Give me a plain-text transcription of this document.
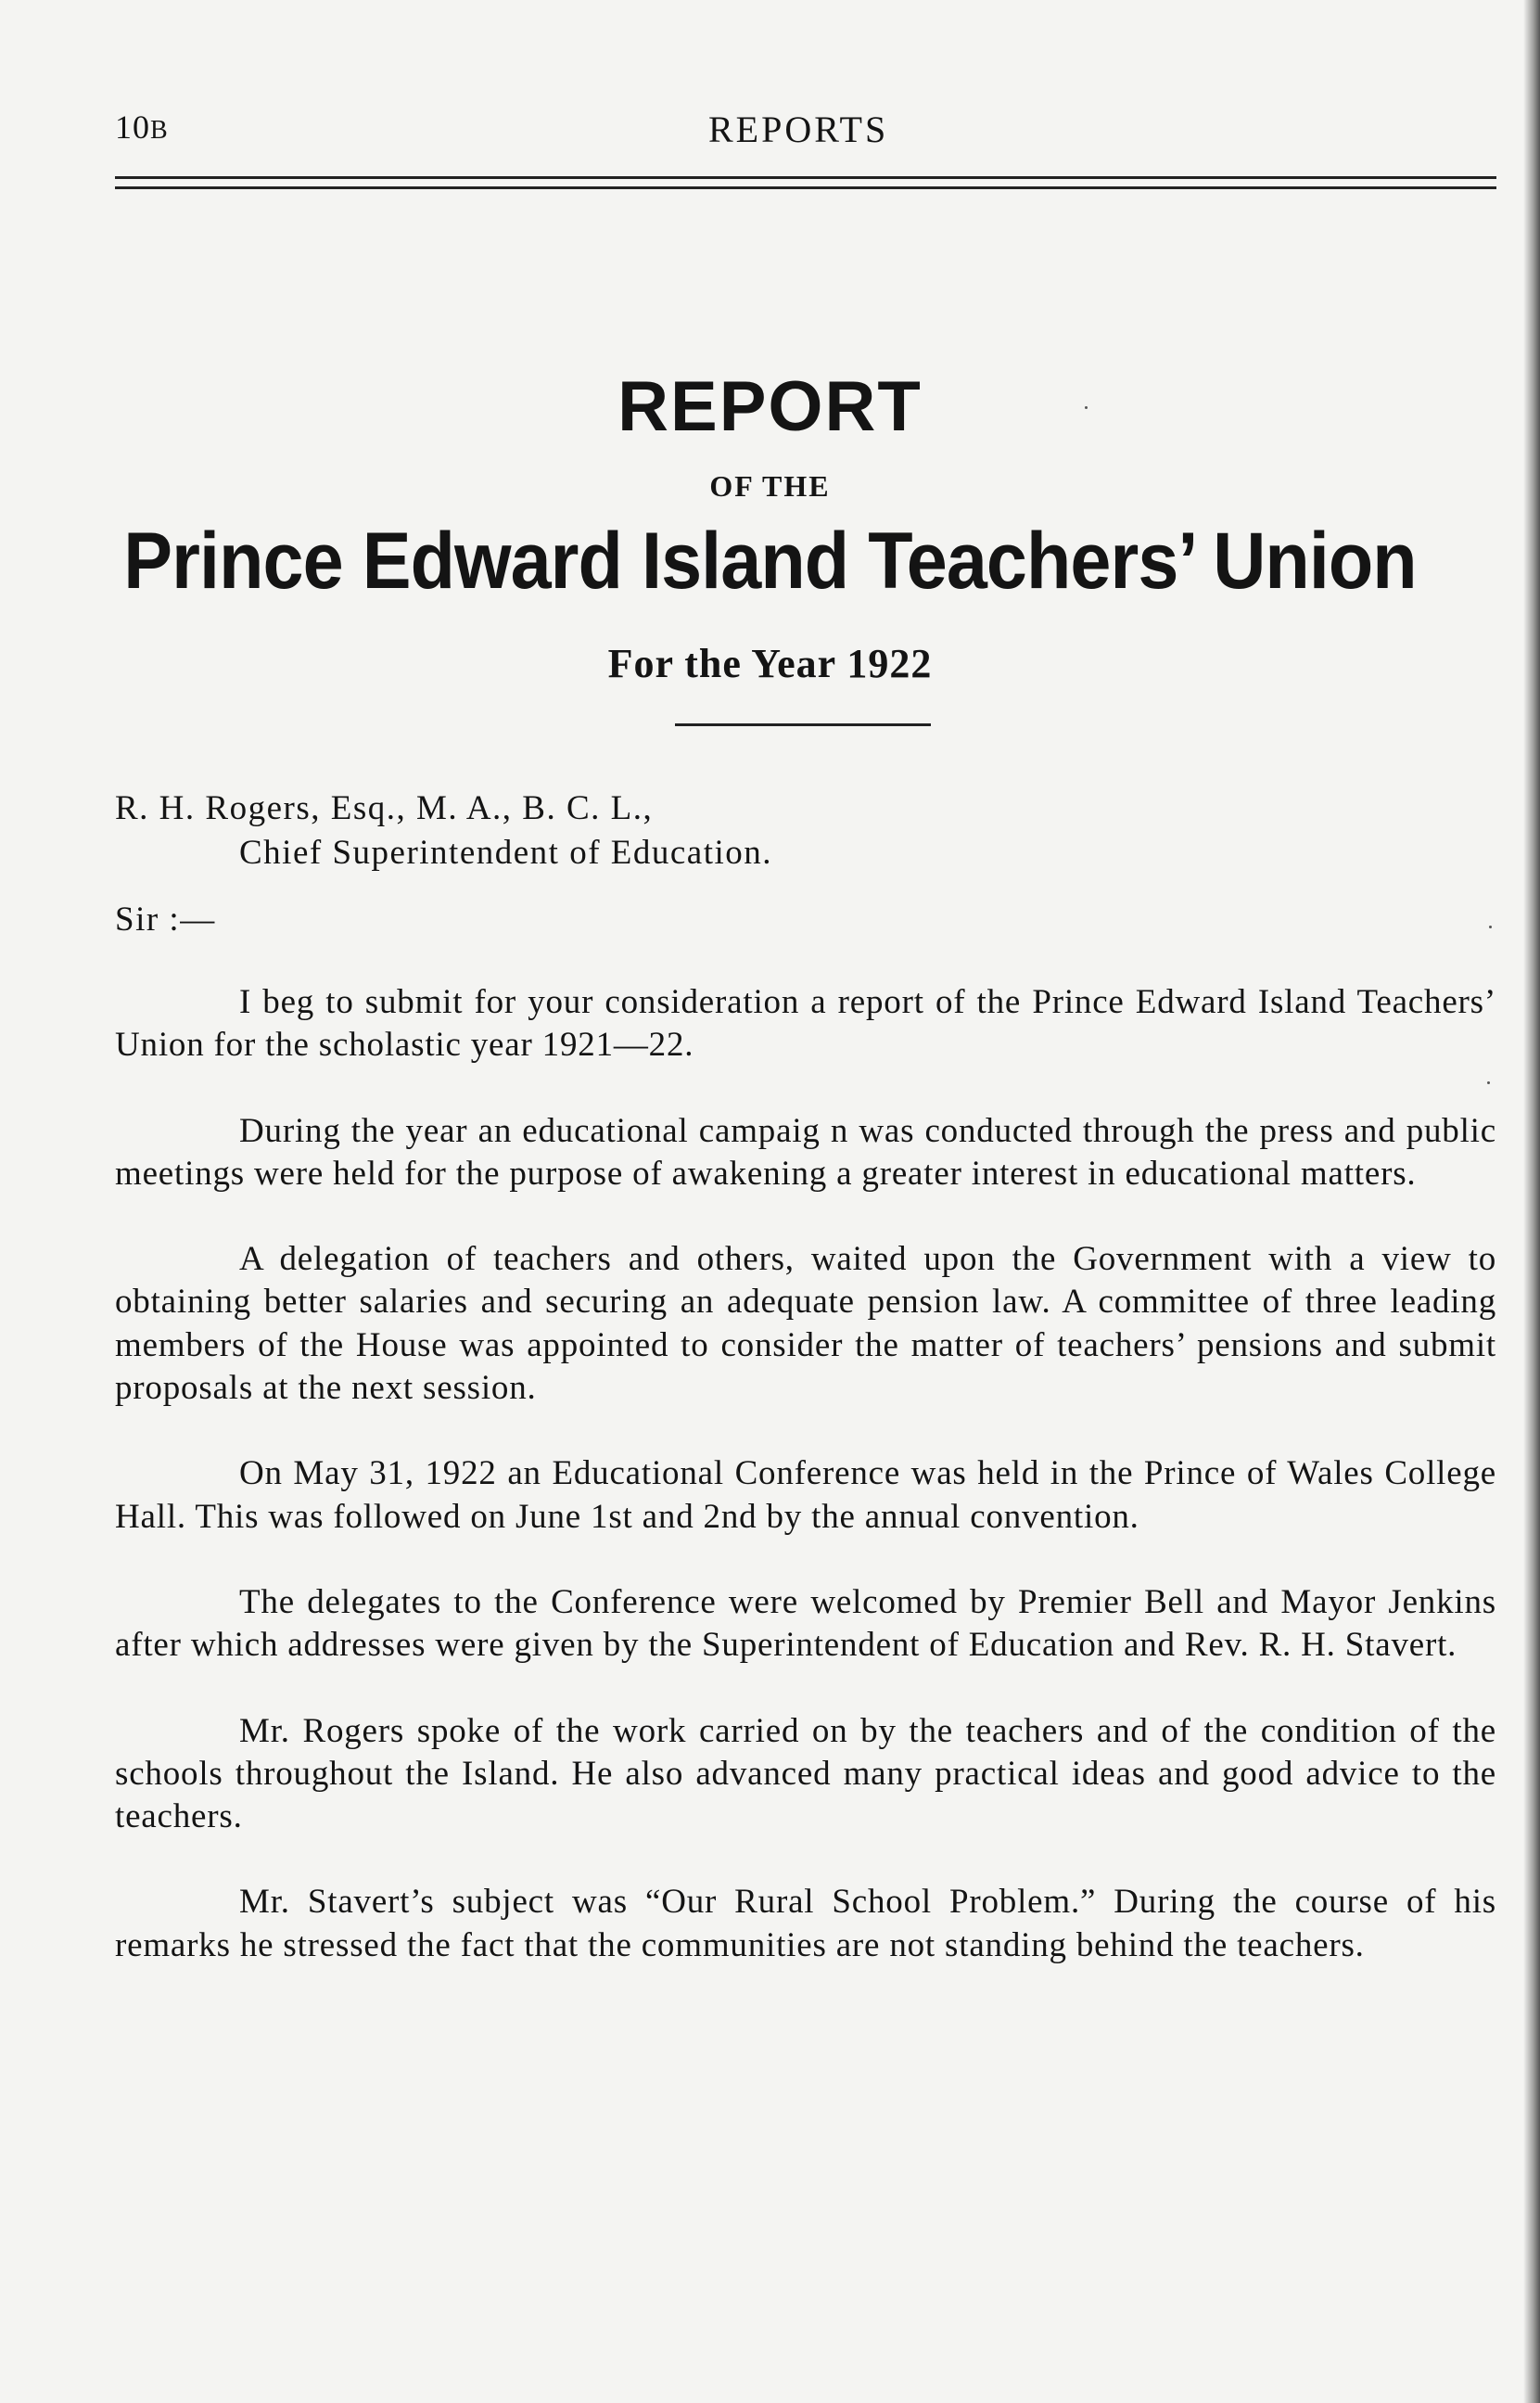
10B	REPORTS
REPORT
OF THE
Prince Edward Island Teachers’ Union
For the Year 1922
R. H. Rogers, Esq., M. A., B. C. L.,
Chief Superintendent of Education.
Sir :—

I beg to submit for your consideration a report of the Prince Edward Island Teachers’ Union for the scholastic year 1921—22.

During the year an educational campaig n was conducted through the press and public meetings were held for the purpose of awakening a greater interest in educational matters.

A delegation of teachers and others, waited upon the Government with a view to obtaining better salaries and securing an adequate pension law. A committee of three leading members of the House was appointed to consider the matter of teachers’ pensions and submit proposals at the next session.

On May 31, 1922 an Educational Conference was held in the Prince of Wales College Hall. This was followed on June 1st and 2nd by the annual convention.

The delegates to the Conference were welcomed by Premier Bell and Mayor Jenkins after which addresses were given by the Superintendent of Education and Rev. R. H. Stavert.

Mr. Rogers spoke of the work carried on by the teachers and of the condition of the schools throughout the Island. He also advanced many practical ideas and good advice to the teachers.

Mr. Stavert’s subject was “Our Rural School Problem.” During the course of his remarks he stressed the fact that the communities are not standing behind the teachers.
